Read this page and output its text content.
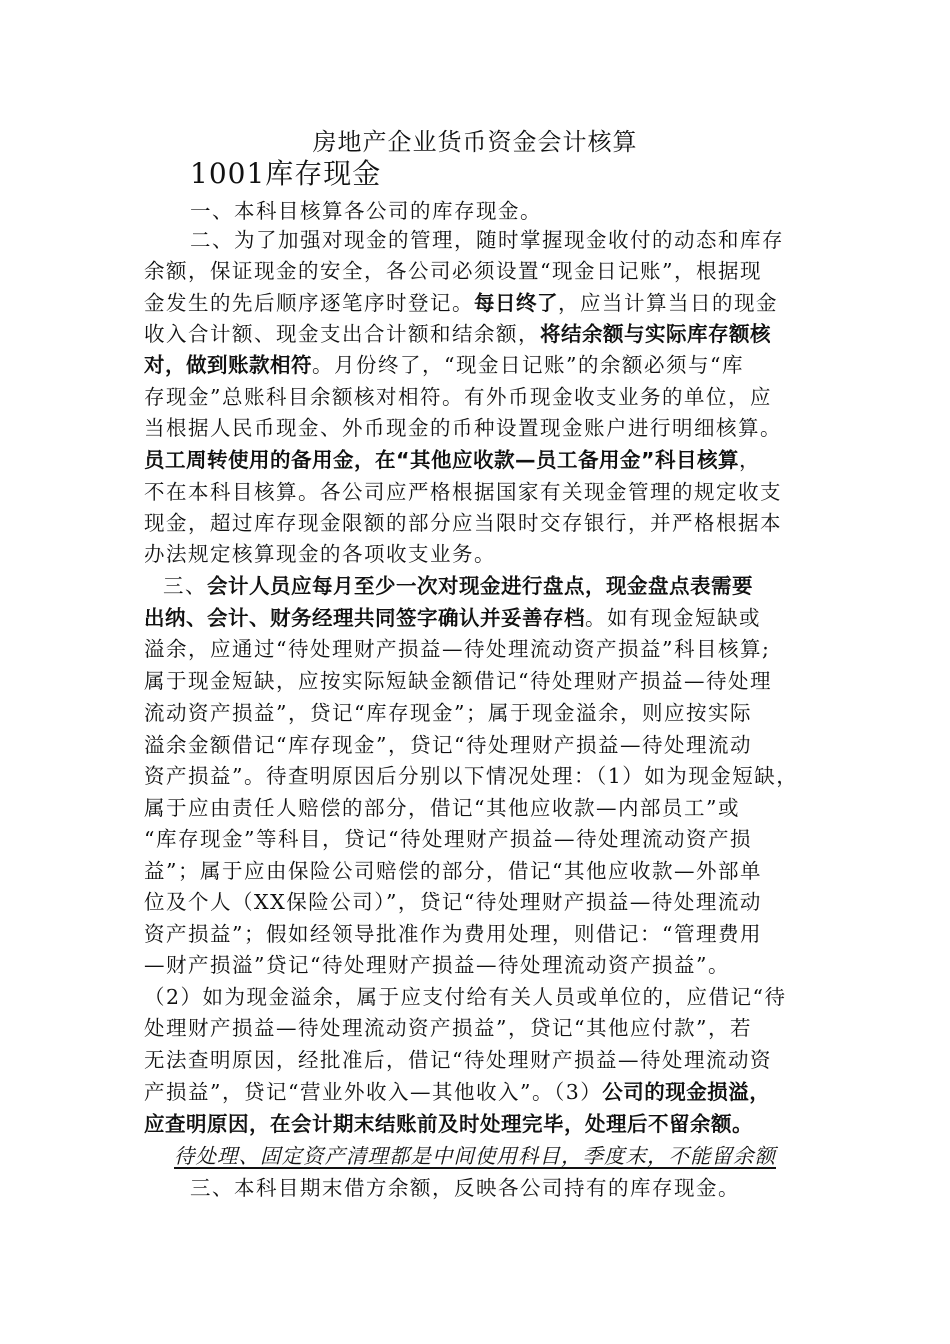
房地产企业货币资金会计核算
1001库存现金
一、本科目核算各公司的库存现金。
二、为了加强对现金的管理，随时掌握现金收付的动态和库存
余额，保证现金的安全，各公司必须设置“现金日记账”，根据现
金发生的先后顺序逐笔序时登记。每日终了，应当计算当日的现金
收入合计额、现金支出合计额和结余额，将结余额与实际库存额核
对，做到账款相符。月份终了，“现金日记账”的余额必须与“库
存现金”总账科目余额核对相符。有外币现金收支业务的单位，应
当根据人民币现金、外币现金的币种设置现金账户进行明细核算。
员工周转使用的备用金，在“其他应收款—员工备用金”科目核算，
不在本科目核算。各公司应严格根据国家有关现金管理的规定收支
现金，超过库存现金限额的部分应当限时交存银行，并严格根据本
办法规定核算现金的各项收支业务。
三、会计人员应每月至少一次对现金进行盘点，现金盘点表需要
出纳、会计、财务经理共同签字确认并妥善存档。如有现金短缺或
溢余，应通过“待处理财产损益—待处理流动资产损益”科目核算;
属于现金短缺，应按实际短缺金额借记“待处理财产损益—待处理
流动资产损益”，贷记“库存现金”；属于现金溢余，则应按实际
溢余金额借记“库存现金”，贷记“待处理财产损益—待处理流动
资产损益”。待查明原因后分别以下情况处理：（1）如为现金短缺，
属于应由责任人赔偿的部分，借记“其他应收款—内部员工”或
“库存现金”等科目，贷记“待处理财产损益—待处理流动资产损
益”；属于应由保险公司赔偿的部分，借记“其他应收款—外部单
位及个人（XX保险公司）”，贷记“待处理财产损益—待处理流动
资产损益”；假如经领导批准作为费用处理，则借记：“管理费用
—财产损溢”贷记“待处理财产损益—待处理流动资产损益”。
（2）如为现金溢余，属于应支付给有关人员或单位的，应借记“待
处理财产损益—待处理流动资产损益”，贷记“其他应付款”，若
无法查明原因，经批准后，借记“待处理财产损益—待处理流动资
产损益”，贷记“营业外收入—其他收入”。（3）公司的现金损溢，
应查明原因，在会计期末结账前及时处理完毕，处理后不留余额。
待处理、固定资产清理都是中间使用科目，季度末，不能留余额
三、本科目期末借方余额，反映各公司持有的库存现金。
